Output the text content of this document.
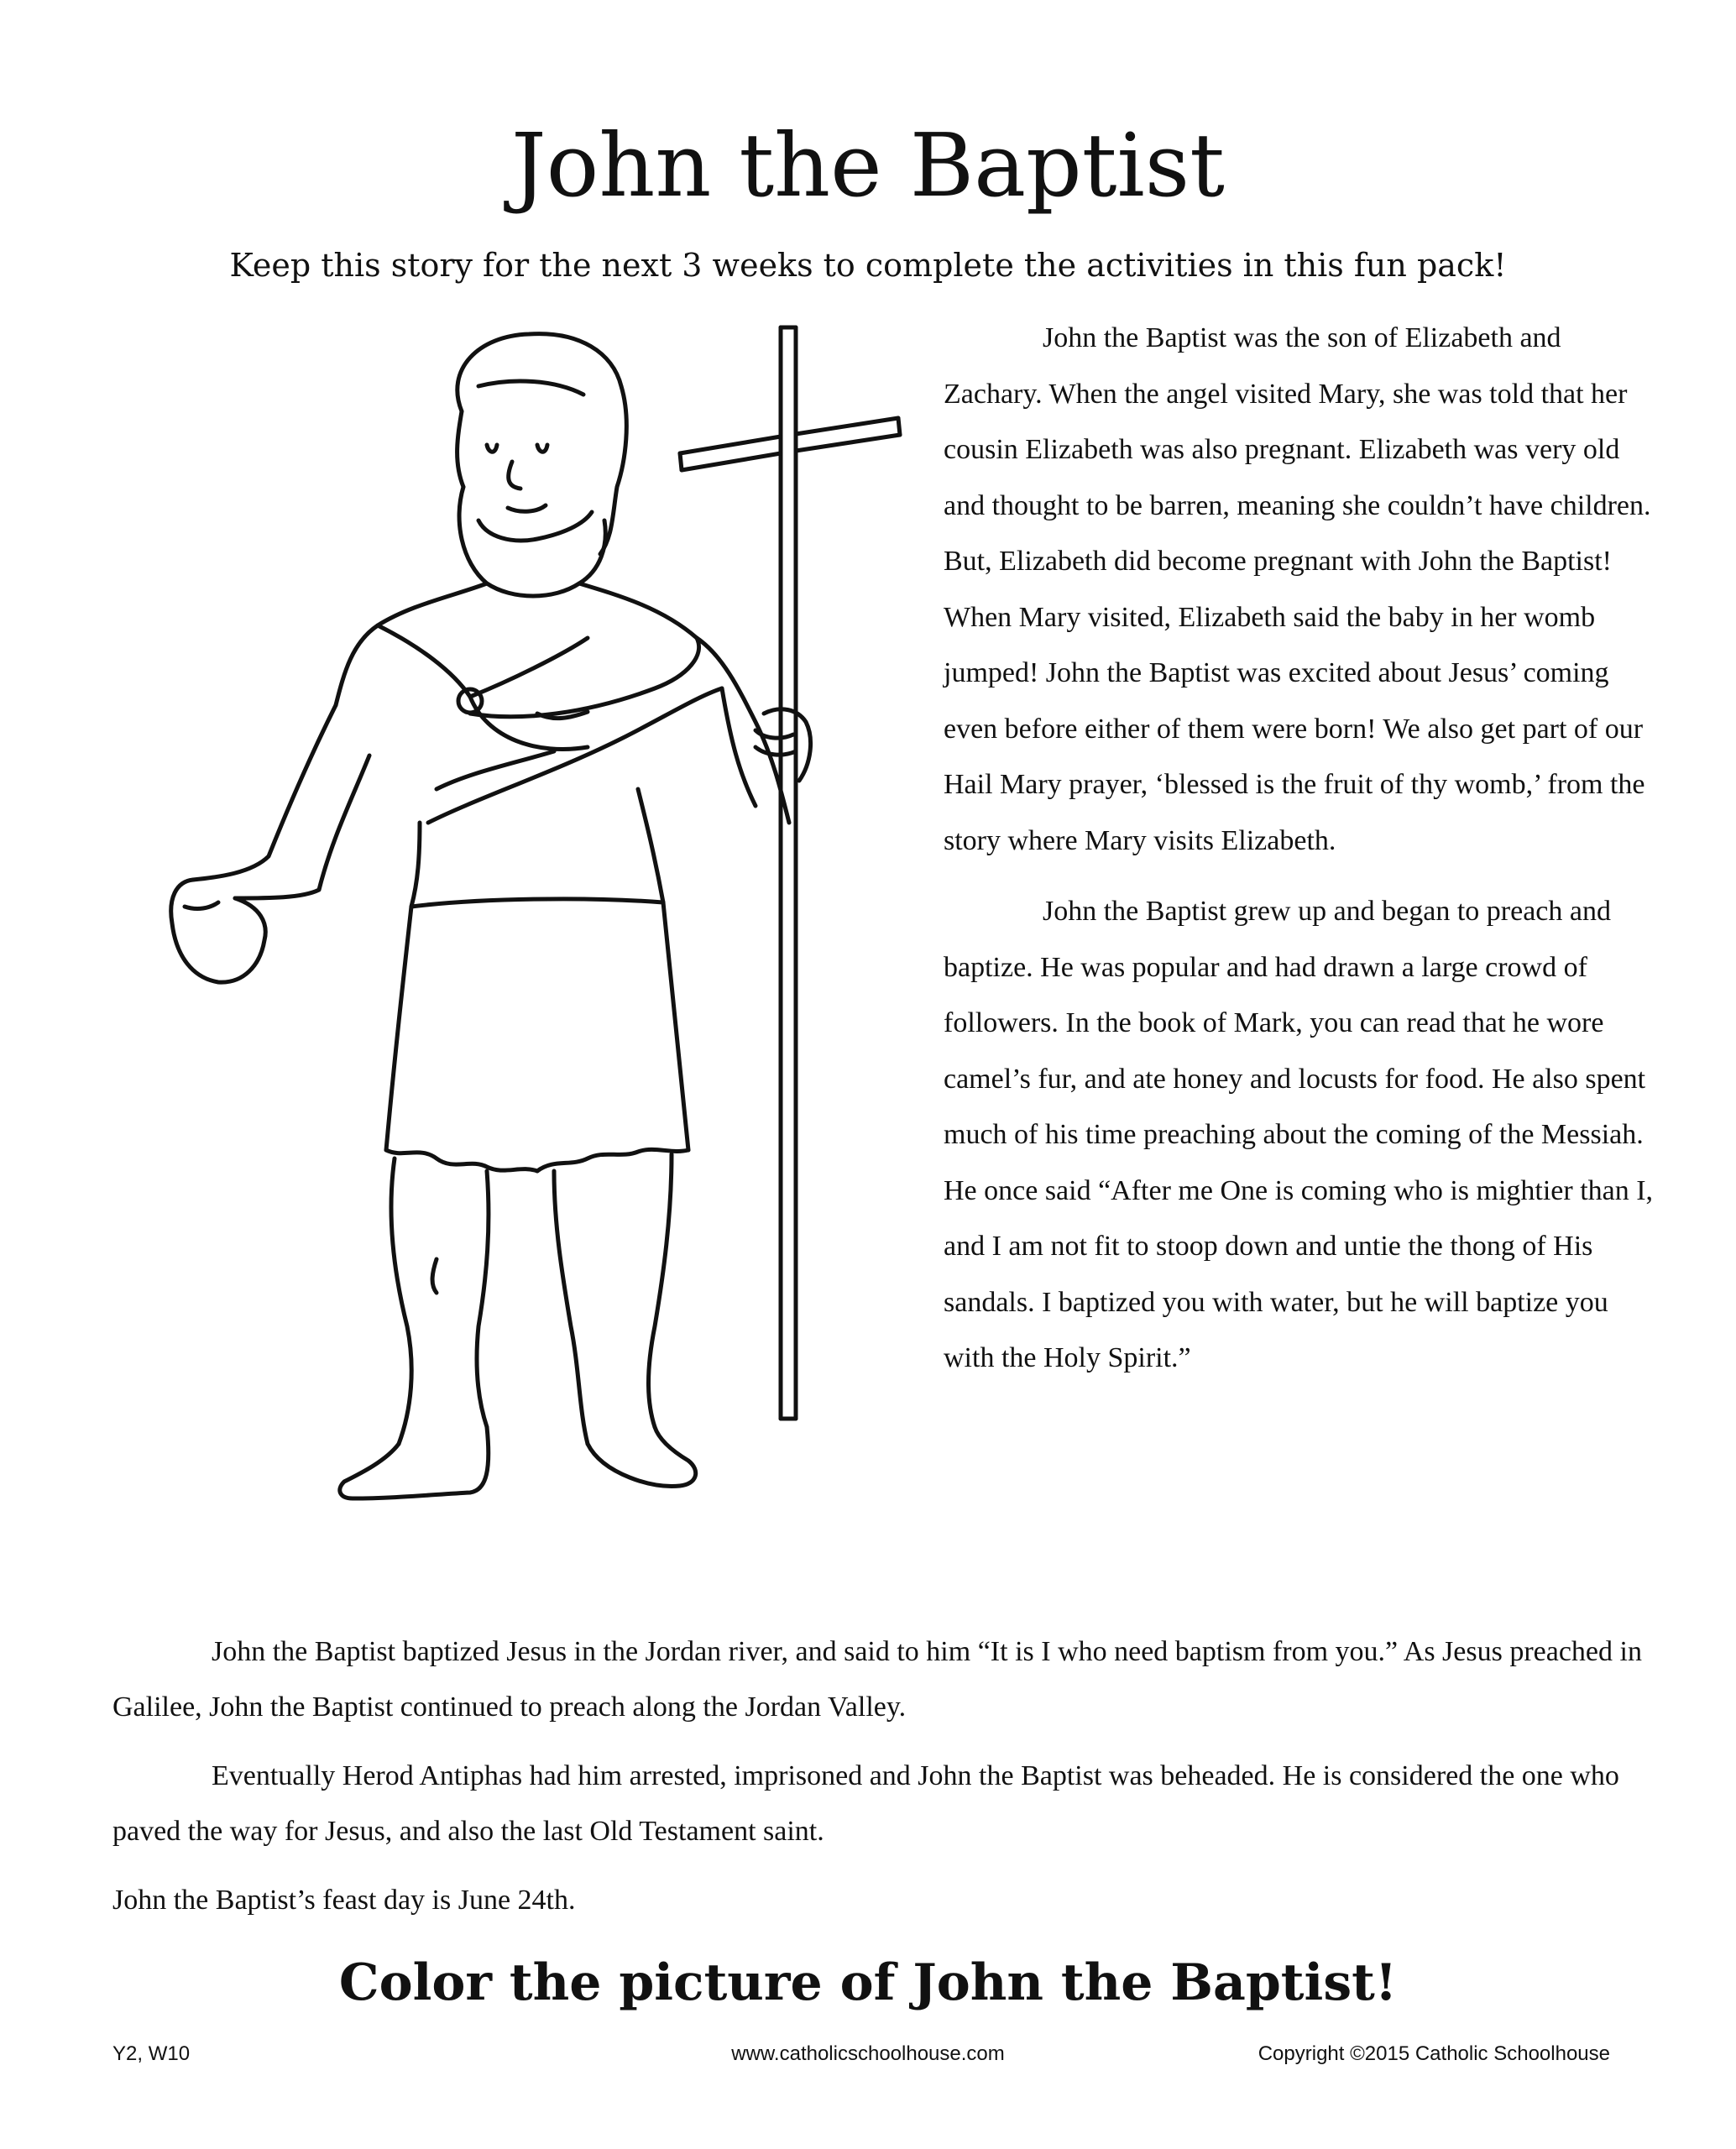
John the Baptist

Keep this story for the next 3 weeks to complete the activities in this fun pack!

John the Baptist was the son of Elizabeth and Zachary. When the angel visited Mary, she was told that her cousin Elizabeth was also pregnant. Elizabeth was very old and thought to be barren, meaning she couldn’t have children. But, Elizabeth did become pregnant with John the Baptist! When Mary visited, Elizabeth said the baby in her womb jumped! John the Baptist was excited about Jesus’ coming even before either of them were born! We also get part of our Hail Mary prayer, ‘blessed is the fruit of thy womb,’ from the story where Mary visits Elizabeth.

John the Baptist grew up and began to preach and baptize. He was popular and had drawn a large crowd of followers. In the book of Mark, you can read that he wore camel’s fur, and ate honey and locusts for food. He also spent much of his time preaching about the coming of the Messiah. He once said “After me One is coming who is mightier than I, and I am not fit to stoop down and untie the thong of His sandals. I baptized you with water, but he will baptize you with the Holy Spirit.”

John the Baptist baptized Jesus in the Jordan river, and said to him “It is I who need baptism from you.” As Jesus preached in Galilee, John the Baptist continued to preach along the Jordan Valley.

Eventually Herod Antiphas had him arrested, imprisoned and John the Baptist was beheaded. He is considered the one who paved the way for Jesus, and also the last Old Testament saint.

John the Baptist’s feast day is June 24th.

Color the picture of John the Baptist!
Y2, W10	www.catholicschoolhouse.com	Copyright ©2015 Catholic Schoolhouse
